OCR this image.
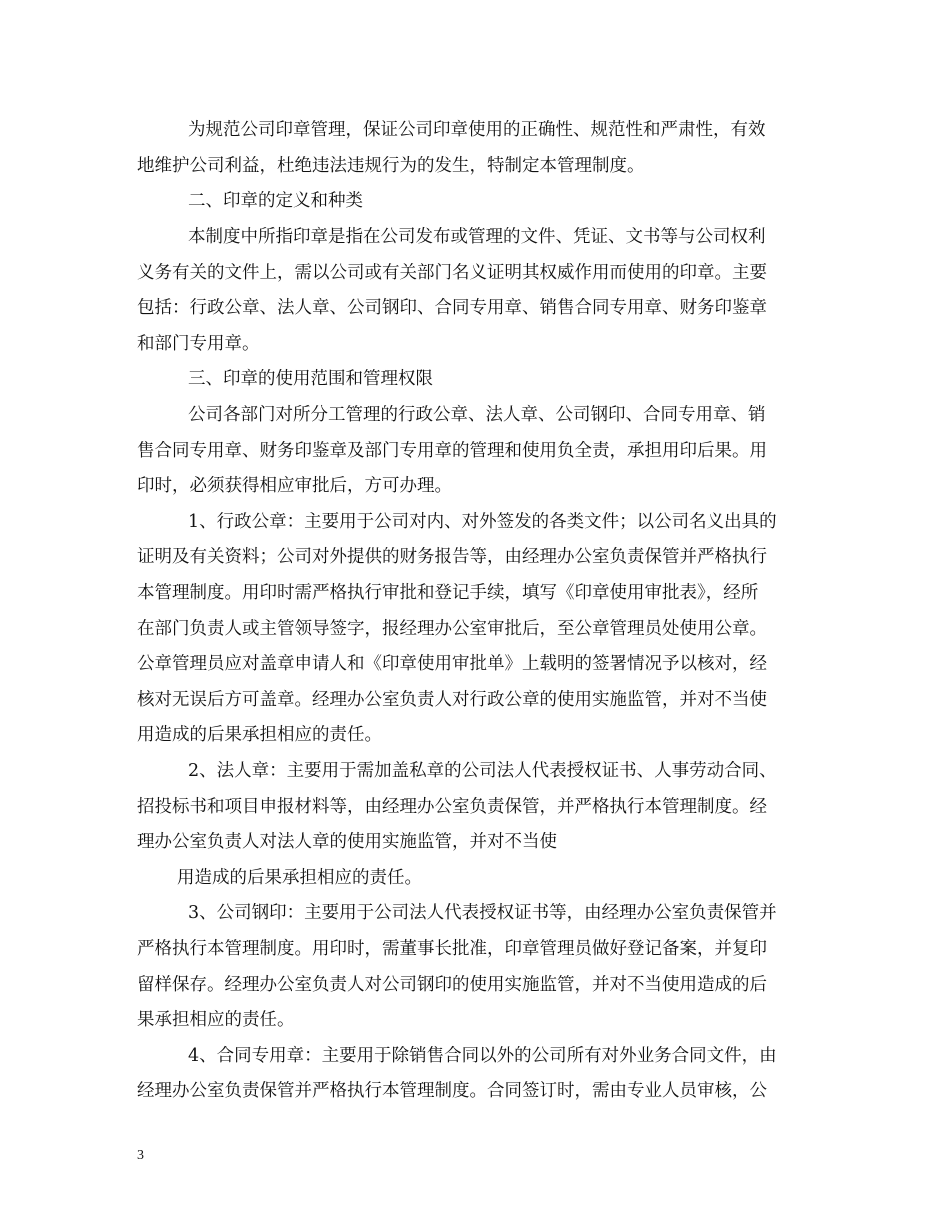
为规范公司印章管理，保证公司印章使用的正确性、规范性和严肃性，有效

地维护公司利益，杜绝违法违规行为的发生，特制定本管理制度。

二、印章的定义和种类

本制度中所指印章是指在公司发布或管理的文件、凭证、文书等与公司权利

义务有关的文件上，需以公司或有关部门名义证明其权威作用而使用的印章。主要

包括：行政公章、法人章、公司钢印、合同专用章、销售合同专用章、财务印鉴章

和部门专用章。

三、印章的使用范围和管理权限

公司各部门对所分工管理的行政公章、法人章、公司钢印、合同专用章、销

售合同专用章、财务印鉴章及部门专用章的管理和使用负全责，承担用印后果。用

印时，必须获得相应审批后，方可办理。

1、行政公章：主要用于公司对内、对外签发的各类文件；以公司名义出具的

证明及有关资料；公司对外提供的财务报告等，由经理办公室负责保管并严格执行

本管理制度。用印时需严格执行审批和登记手续，填写《印章使用审批表》，经所

在部门负责人或主管领导签字，报经理办公室审批后，至公章管理员处使用公章。

公章管理员应对盖章申请人和《印章使用审批单》上载明的签署情况予以核对，经

核对无误后方可盖章。经理办公室负责人对行政公章的使用实施监管，并对不当使

用造成的后果承担相应的责任。

2、法人章：主要用于需加盖私章的公司法人代表授权证书、人事劳动合同、

招投标书和项目申报材料等，由经理办公室负责保管，并严格执行本管理制度。经

理办公室负责人对法人章的使用实施监管，并对不当使

用造成的后果承担相应的责任。

3、公司钢印：主要用于公司法人代表授权证书等，由经理办公室负责保管并

严格执行本管理制度。用印时，需董事长批准，印章管理员做好登记备案，并复印

留样保存。经理办公室负责人对公司钢印的使用实施监管，并对不当使用造成的后

果承担相应的责任。

4、合同专用章：主要用于除销售合同以外的公司所有对外业务合同文件，由

经理办公室负责保管并严格执行本管理制度。合同签订时，需由专业人员审核，公

3
